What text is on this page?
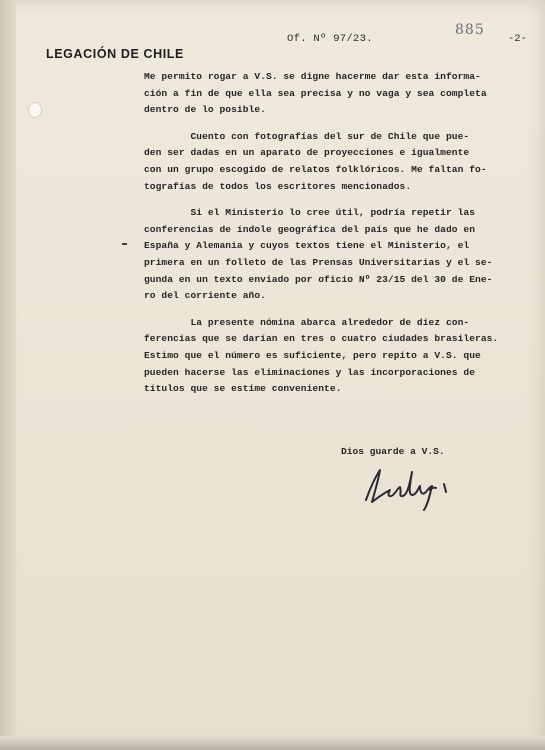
LEGACIÓN DE CHILE
Of. Nº 97/23.
885
-2-
Me permito rogar a V.S. se digne hacerme dar esta informa-
ción a fin de que ella sea precisa y no vaga y sea completa
dentro de lo posible.
Cuento con fotografías del sur de Chile que pue-
den ser dadas en un aparato de proyecciones e igualmente
con un grupo escogido de relatos folklóricos. Me faltan fo-
tografías de todos los escritores mencionados.
Si el Ministerio lo cree útil, podría repetir las
conferencias de índole geográfica del país que he dado en
España y Alemania y cuyos textos tiene el Ministerio, el
primera en un folleto de las Prensas Universitarias y el se-
gunda en un texto enviado por oficio Nº 23/15 del 30 de Ene-
ro del corriente año.
La presente nómina abarca alrededor de diez con-
ferencias que se darían en tres o cuatro ciudades brasileras.
Estimo que el número es suficiente, pero repito a V.S. que
pueden hacerse las eliminaciones y las incorporaciones de
títulos que se estime conveniente.
Dios guarde a V.S.
